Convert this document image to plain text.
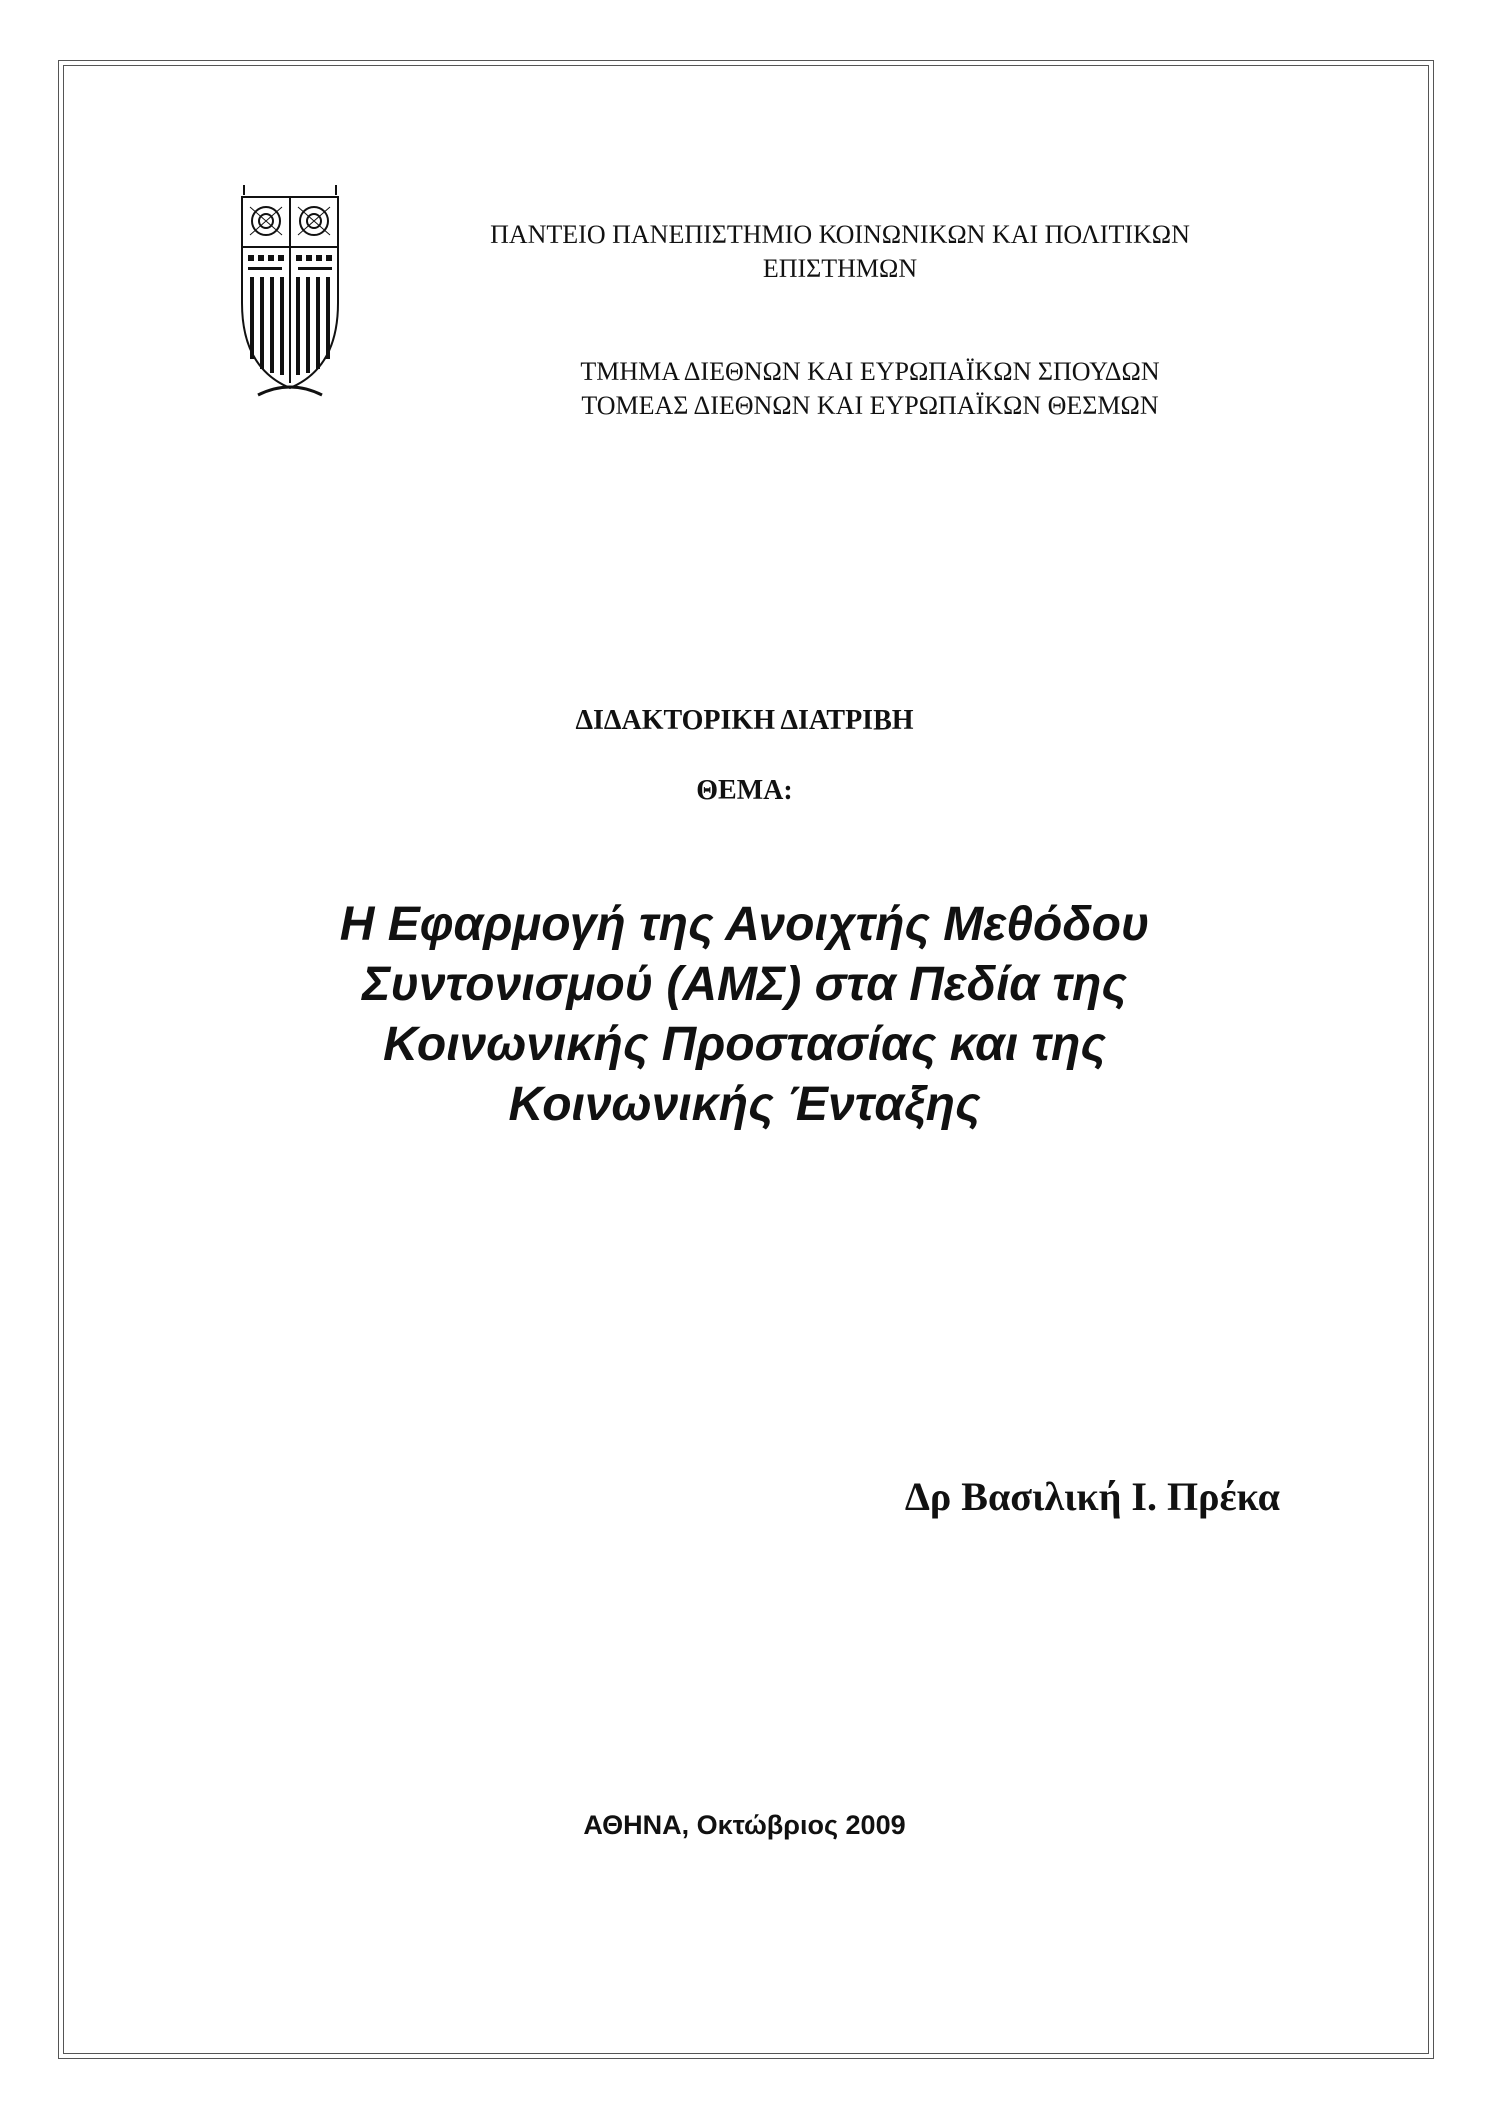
ΠΑΝΤΕΙΟ ΠΑΝΕΠΙΣΤΗΜΙΟ ΚΟΙΝΩΝΙΚΩΝ ΚΑΙ ΠΟΛΙΤΙΚΩΝ
ΕΠΙΣΤΗΜΩΝ
ΤΜΗΜΑ ΔΙΕΘΝΩΝ ΚΑΙ ΕΥΡΩΠΑΪΚΩΝ ΣΠΟΥΔΩΝ
ΤΟΜΕΑΣ ΔΙΕΘΝΩΝ ΚΑΙ ΕΥΡΩΠΑΪΚΩΝ ΘΕΣΜΩΝ
ΔΙΔΑΚΤΟΡΙΚΗ ΔΙΑΤΡΙΒΗ
ΘΕΜΑ:
Η Εφαρμογή της Ανοιχτής Μεθόδου
Συντονισμού (ΑΜΣ) στα Πεδία της
Κοινωνικής Προστασίας και της
Κοινωνικής Ένταξης
Δρ Βασιλική Ι. Πρέκα
ΑΘΗΝΑ, Οκτώβριος 2009
